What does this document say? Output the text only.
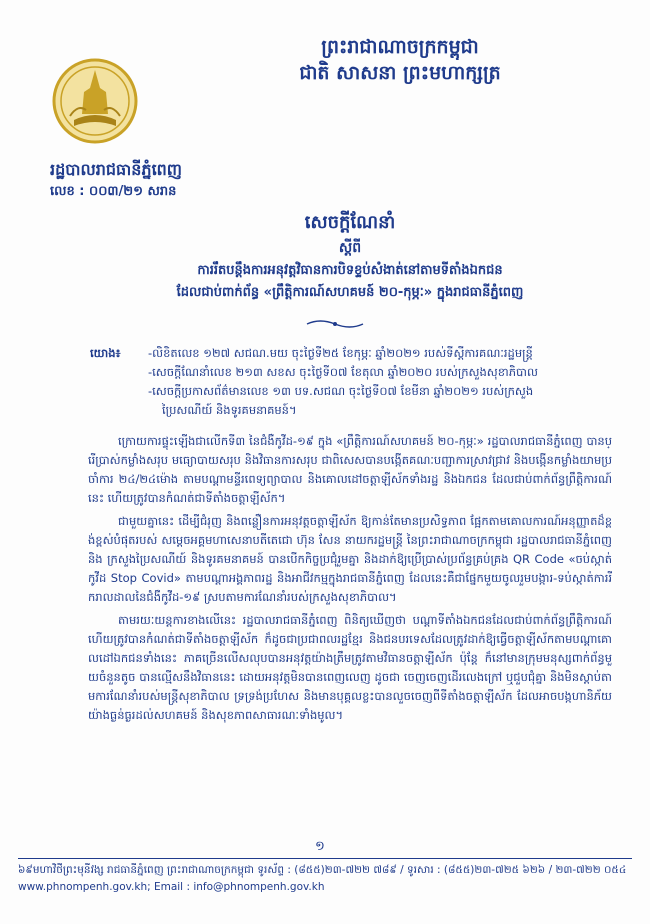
ព្រះរាជាណាចក្រកម្ពុជា
ជាតិ សាសនា ព្រះមហាក្សត្រ
រដ្ឋបាលរាជធានីភ្នំពេញ
លេខ : ០០៣/២១ សរាន
សេចក្តីណែនាំ
ស្តីពី
ការរឹតបន្តឹងការអនុវត្តវិធានការបិទខ្ទប់សំងាត់នៅតាមទីតាំងឯកជន
ដែលជាប់ពាក់ព័ន្ធ «ព្រឹត្តិការណ៍សហគមន៍ ២០-កុម្ភៈ» ក្នុងរាជធានីភ្នំពេញ
យោង៖	-លិខិតលេខ ១២៧ សជណ.មយ ចុះថ្ងៃទី២៥ ខែកុម្ភៈ ឆ្នាំ២០២១ របស់ទីស្តីការគណៈរដ្ឋមន្ត្រី
-សេចក្តីណែនាំលេខ ២១៣ សខស ចុះថ្ងៃទី០៧ ខែតុលា ឆ្នាំ២០២០ របស់ក្រសួងសុខាភិបាល
-សេចក្តីប្រកាសព័ត៌មានលេខ ១៣ បទ.សជណ ចុះថ្ងៃទី០៧ ខែមីនា ឆ្នាំ២០២១ របស់ក្រសួង
ប្រៃសណីយ៍ និងទូរគមនាគមន៍។

ក្រោយការផ្ទុះឡើងជាលើកទី៣ នៃជំងឺកូវីដ-១៩ ក្នុង «ព្រឹត្តិការណ៍សហគមន៍ ២០-កុម្ភៈ» រដ្ឋបាលរាជធានីភ្នំពេញ បានប្រើប្រាស់កម្លាំងសរុប មធ្យោបាយសរុប និងវិធានការសរុប ជាពិសេសបានបង្កើតគណៈបញ្ជាការស្រាវជ្រាវ និងបង្កើនកម្លាំងយាមប្រចាំការ ២៤/២៤ម៉ោង តាមបណ្តាមន្ទីរពេទ្យព្យាបាល និងគោលដៅចត្តាឡីស័កទាំងរដ្ឋ និងឯកជន ដែលជាប់ពាក់ព័ន្ធព្រឹត្តិការណ៍នេះ ហើយត្រូវបានកំណត់ជាទីតាំងចត្តាឡីស័ក។

ជាមួយគ្នានេះ ដើម្បីជំរុញ និងពន្លឿនការអនុវត្តចត្តាឡីស័ក ឱ្យកាន់តែមានប្រសិទ្ធភាព ផ្អែកតាមគោលការណ៍អនុញ្ញាតដ៏ខ្ពង់ខ្ពស់បំផុតរបស់ សម្តេចអគ្គមហាសេនាបតីតេជោ ហ៊ុន សែន នាយករដ្ឋមន្ត្រី នៃព្រះរាជាណាចក្រកម្ពុជា រដ្ឋបាលរាជធានីភ្នំពេញ និង ក្រសួងប្រៃសណីយ៍ និងទូរគមនាគមន៍ បានបើកកិច្ចប្រជុំរួមគ្នា និងដាក់ឱ្យប្រើប្រាស់ប្រព័ន្ធគ្រប់គ្រង QR Code «ចប់ស្កាត់កូវីដ Stop Covid» តាមបណ្តាអង្គភាពរដ្ឋ និងអាជីវកម្មក្នុងរាជធានីភ្នំពេញ ដែលនេះគឺជាផ្នែកមួយចូលរួមបង្ការ-ទប់ស្កាត់ការរីករាលដាលនៃជំងឺកូវីដ-១៩ ស្របតាមការណែនាំរបស់ក្រសួងសុខាភិបាល។

តាមរយៈយន្តការខាងលើនេះ រដ្ឋបាលរាជធានីភ្នំពេញ ពិនិត្យឃើញថា បណ្តាទីតាំងឯកជនដែលជាប់ពាក់ព័ន្ធព្រឹត្តិការណ៍ ហើយត្រូវបានកំណត់ជាទីតាំងចត្តាឡីស័ក ក៏ដូចជាប្រជាពលរដ្ឋខ្មែរ និងជនបរទេសដែលត្រូវដាក់ឱ្យធ្វើចត្តាឡីស័កតាមបណ្តាគោលដៅឯកជនទាំងនេះ ភាគច្រើនលើសលុបបានអនុវត្តយ៉ាងត្រឹមត្រូវតាមវិធានចត្តាឡីស័ក ប៉ុន្តែ ក៏នៅមានក្រុមមនុស្សពាក់ព័ន្ធមួយចំនួនតូច បានល្មើសនឹងវិធាននេះ ដោយអនុវត្តមិនបានពេញលេញ ដូចជា ចេញចេញដើរលេងក្រៅ ឬជួបជុំគ្នា និងមិនស្តាប់តាមការណែនាំរបស់មន្ត្រីសុខាភិបាល ទ្រទ្រង់ប្រហែស និងមានបុគ្គលខ្លះបានលួចចេញពីទីតាំងចត្តាឡីស័ក ដែលអាចបង្កហានិភ័យយ៉ាងធ្ងន់ធ្ងរដល់សហគមន៍ និងសុខភាពសាធារណៈទាំងមូល។

១
៦៩មហាវិថីព្រះមុនីវង្ស រាជធានីភ្នំពេញ ព្រះរាជាណាចក្រកម្ពុជា ទូរស័ព្ទ : (៨៥៥)២៣-៧២២ ៧៨៩ / ទូរសារ : (៨៥៥)២៣-៧២៥ ៦២៦ / ២៣-៧២២ ០៥៤
www.phnompenh.gov.kh; Email : info@phnompenh.gov.kh
